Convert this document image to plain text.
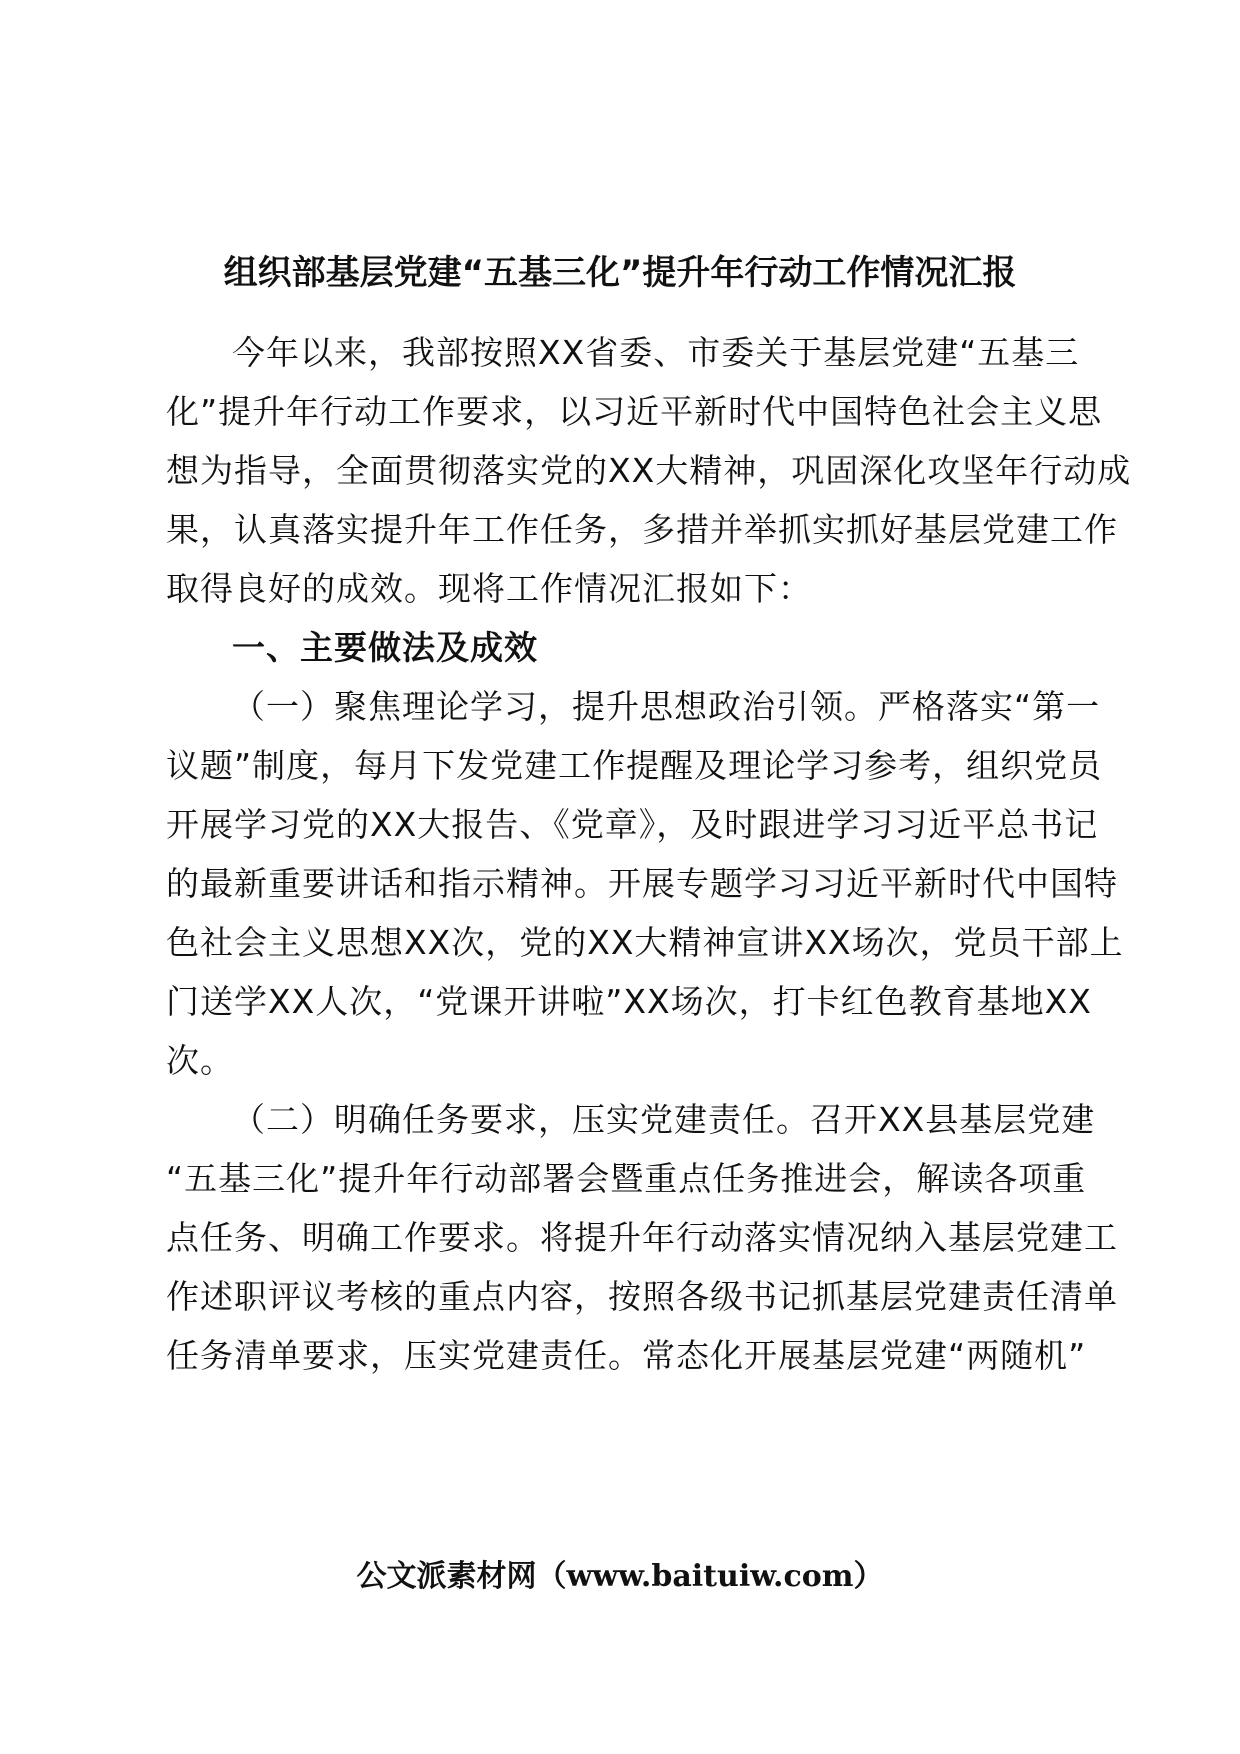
组织部基层党建“五基三化”提升年行动工作情况汇报
今年以来，我部按照XX省委、市委关于基层党建“五基三
化”提升年行动工作要求，以习近平新时代中国特色社会主义思
想为指导，全面贯彻落实党的XX大精神，巩固深化攻坚年行动成
果，认真落实提升年工作任务，多措并举抓实抓好基层党建工作
取得良好的成效。现将工作情况汇报如下：
一、主要做法及成效
（一）聚焦理论学习，提升思想政治引领。严格落实“第一
议题”制度，每月下发党建工作提醒及理论学习参考，组织党员
开展学习党的XX大报告、《党章》，及时跟进学习习近平总书记
的最新重要讲话和指示精神。开展专题学习习近平新时代中国特
色社会主义思想XX次，党的XX大精神宣讲XX场次，党员干部上
门送学XX人次，“党课开讲啦”XX场次，打卡红色教育基地XX
次。
（二）明确任务要求，压实党建责任。召开XX县基层党建
“五基三化”提升年行动部署会暨重点任务推进会，解读各项重
点任务、明确工作要求。将提升年行动落实情况纳入基层党建工
作述职评议考核的重点内容，按照各级书记抓基层党建责任清单
任务清单要求，压实党建责任。常态化开展基层党建“两随机”
公文派素材网（www.baituiw.com）
